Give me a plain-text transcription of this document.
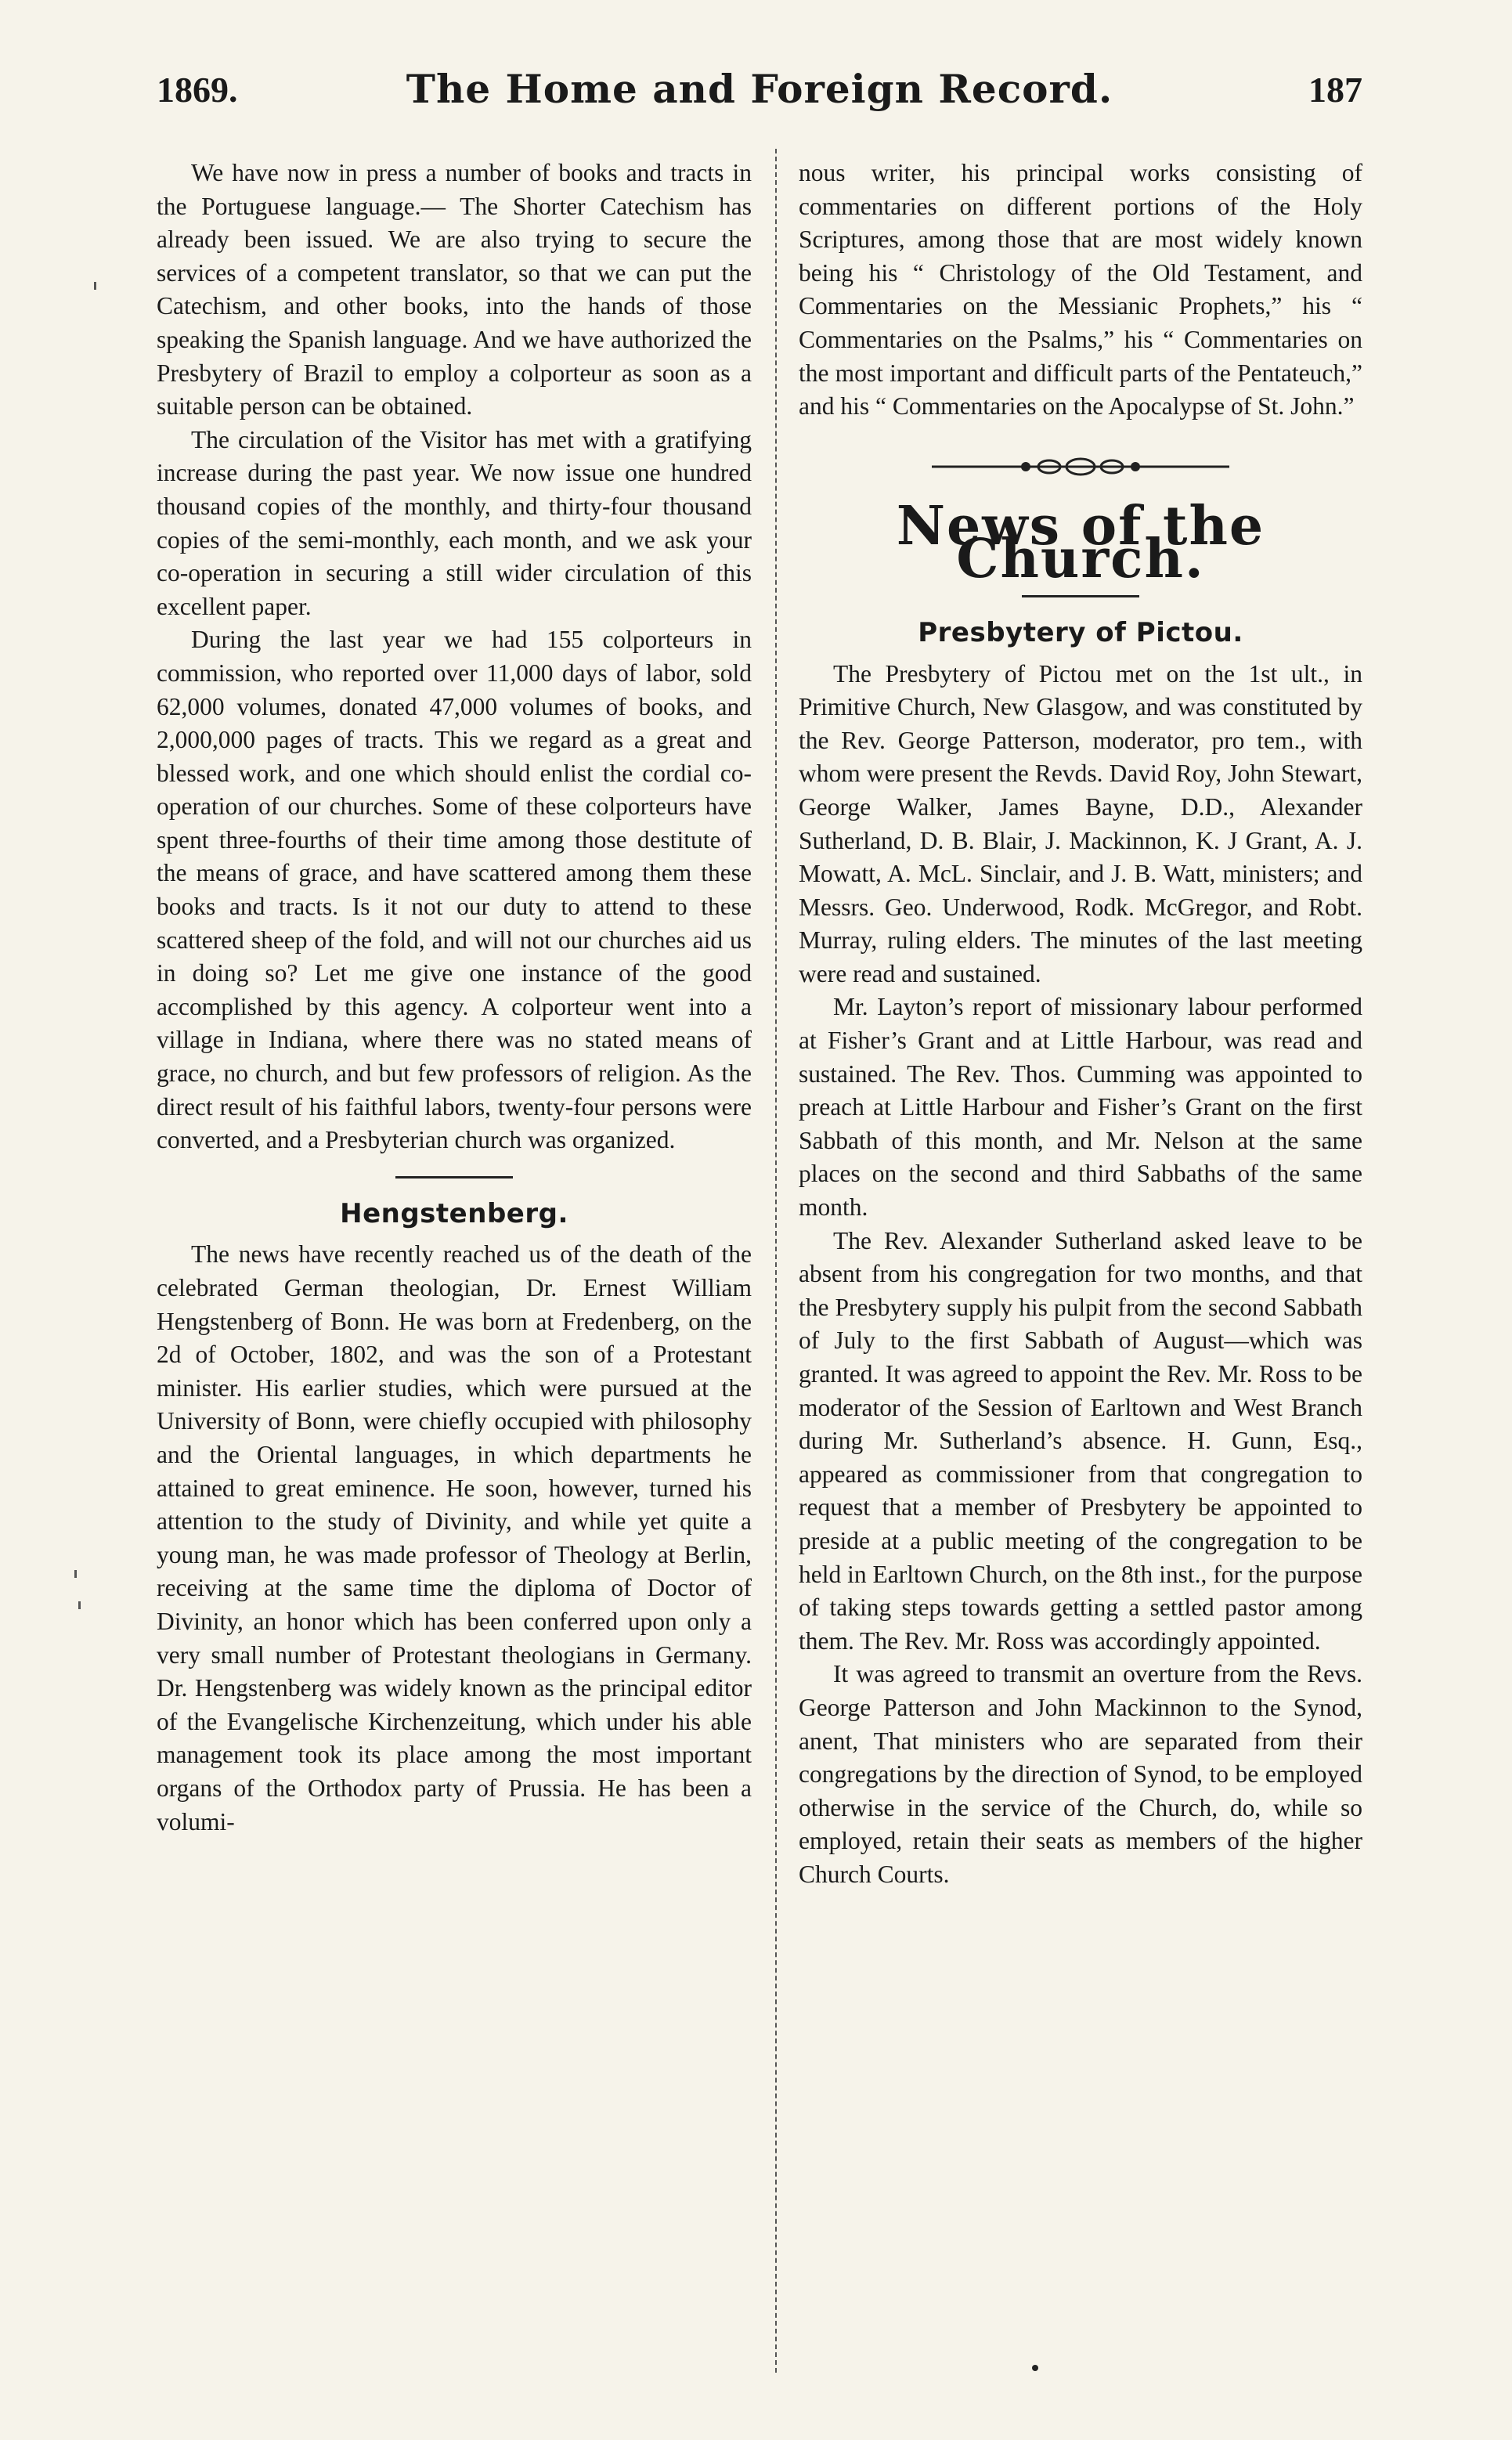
1869.	The Home and Foreign Record.	187

We have now in press a number of books and tracts in the Portuguese language.— The Shorter Catechism has already been issued. We are also trying to secure the services of a competent translator, so that we can put the Catechism, and other books, into the hands of those speaking the Spanish language. And we have authorized the Presbytery of Brazil to employ a colporteur as soon as a suitable person can be obtained.

The circulation of the Visitor has met with a gratifying increase during the past year. We now issue one hundred thousand copies of the monthly, and thirty-four thousand copies of the semi-monthly, each month, and we ask your co-operation in securing a still wider circulation of this excellent paper.

During the last year we had 155 colporteurs in commission, who reported over 11,000 days of labor, sold 62,000 volumes, donated 47,000 volumes of books, and 2,000,000 pages of tracts. This we regard as a great and blessed work, and one which should enlist the cordial co-operation of our churches. Some of these colporteurs have spent three-fourths of their time among those destitute of the means of grace, and have scattered among them these books and tracts. Is it not our duty to attend to these scattered sheep of the fold, and will not our churches aid us in doing so? Let me give one instance of the good accomplished by this agency. A colporteur went into a village in Indiana, where there was no stated means of grace, no church, and but few professors of religion. As the direct result of his faithful labors, twenty-four persons were converted, and a Presbyterian church was organized.

Hengstenberg.

The news have recently reached us of the death of the celebrated German theologian, Dr. Ernest William Hengstenberg of Bonn. He was born at Fredenberg, on the 2d of October, 1802, and was the son of a Protestant minister. His earlier studies, which were pursued at the University of Bonn, were chiefly occupied with philosophy and the Oriental languages, in which departments he attained to great eminence. He soon, however, turned his attention to the study of Divinity, and while yet quite a young man, he was made professor of Theology at Berlin, receiving at the same time the diploma of Doctor of Divinity, an honor which has been conferred upon only a very small number of Protestant theologians in Germany. Dr. Hengstenberg was widely known as the principal editor of the Evangelische Kirchenzeitung, which under his able management took its place among the most important organs of the Orthodox party of Prussia. He has been a volumi-

nous writer, his principal works consisting of commentaries on different portions of the Holy Scriptures, among those that are most widely known being his “ Christology of the Old Testament, and Commentaries on the Messianic Prophets,” his “ Commentaries on the Psalms,” his “ Commentaries on the most important and difficult parts of the Pentateuch,” and his “ Commentaries on the Apocalypse of St. John.”

News of the Church.
Presbytery of Pictou.

The Presbytery of Pictou met on the 1st ult., in Primitive Church, New Glasgow, and was constituted by the Rev. George Patterson, moderator, pro tem., with whom were present the Revds. David Roy, John Stewart, George Walker, James Bayne, D.D., Alexander Sutherland, D. B. Blair, J. Mackinnon, K. J Grant, A. J. Mowatt, A. McL. Sinclair, and J. B. Watt, ministers; and Messrs. Geo. Underwood, Rodk. McGregor, and Robt. Murray, ruling elders. The minutes of the last meeting were read and sustained.

Mr. Layton’s report of missionary labour performed at Fisher’s Grant and at Little Harbour, was read and sustained. The Rev. Thos. Cumming was appointed to preach at Little Harbour and Fisher’s Grant on the first Sabbath of this month, and Mr. Nelson at the same places on the second and third Sabbaths of the same month.

The Rev. Alexander Sutherland asked leave to be absent from his congregation for two months, and that the Presbytery supply his pulpit from the second Sabbath of July to the first Sabbath of August—which was granted. It was agreed to appoint the Rev. Mr. Ross to be moderator of the Session of Earltown and West Branch during Mr. Sutherland’s absence. H. Gunn, Esq., appeared as commissioner from that congregation to request that a member of Presbytery be appointed to preside at a public meeting of the congregation to be held in Earltown Church, on the 8th inst., for the purpose of taking steps towards getting a settled pastor among them. The Rev. Mr. Ross was accordingly appointed.

It was agreed to transmit an overture from the Revs. George Patterson and John Mackinnon to the Synod, anent, That ministers who are separated from their congregations by the direction of Synod, to be employed otherwise in the service of the Church, do, while so employed, retain their seats as members of the higher Church Courts.
